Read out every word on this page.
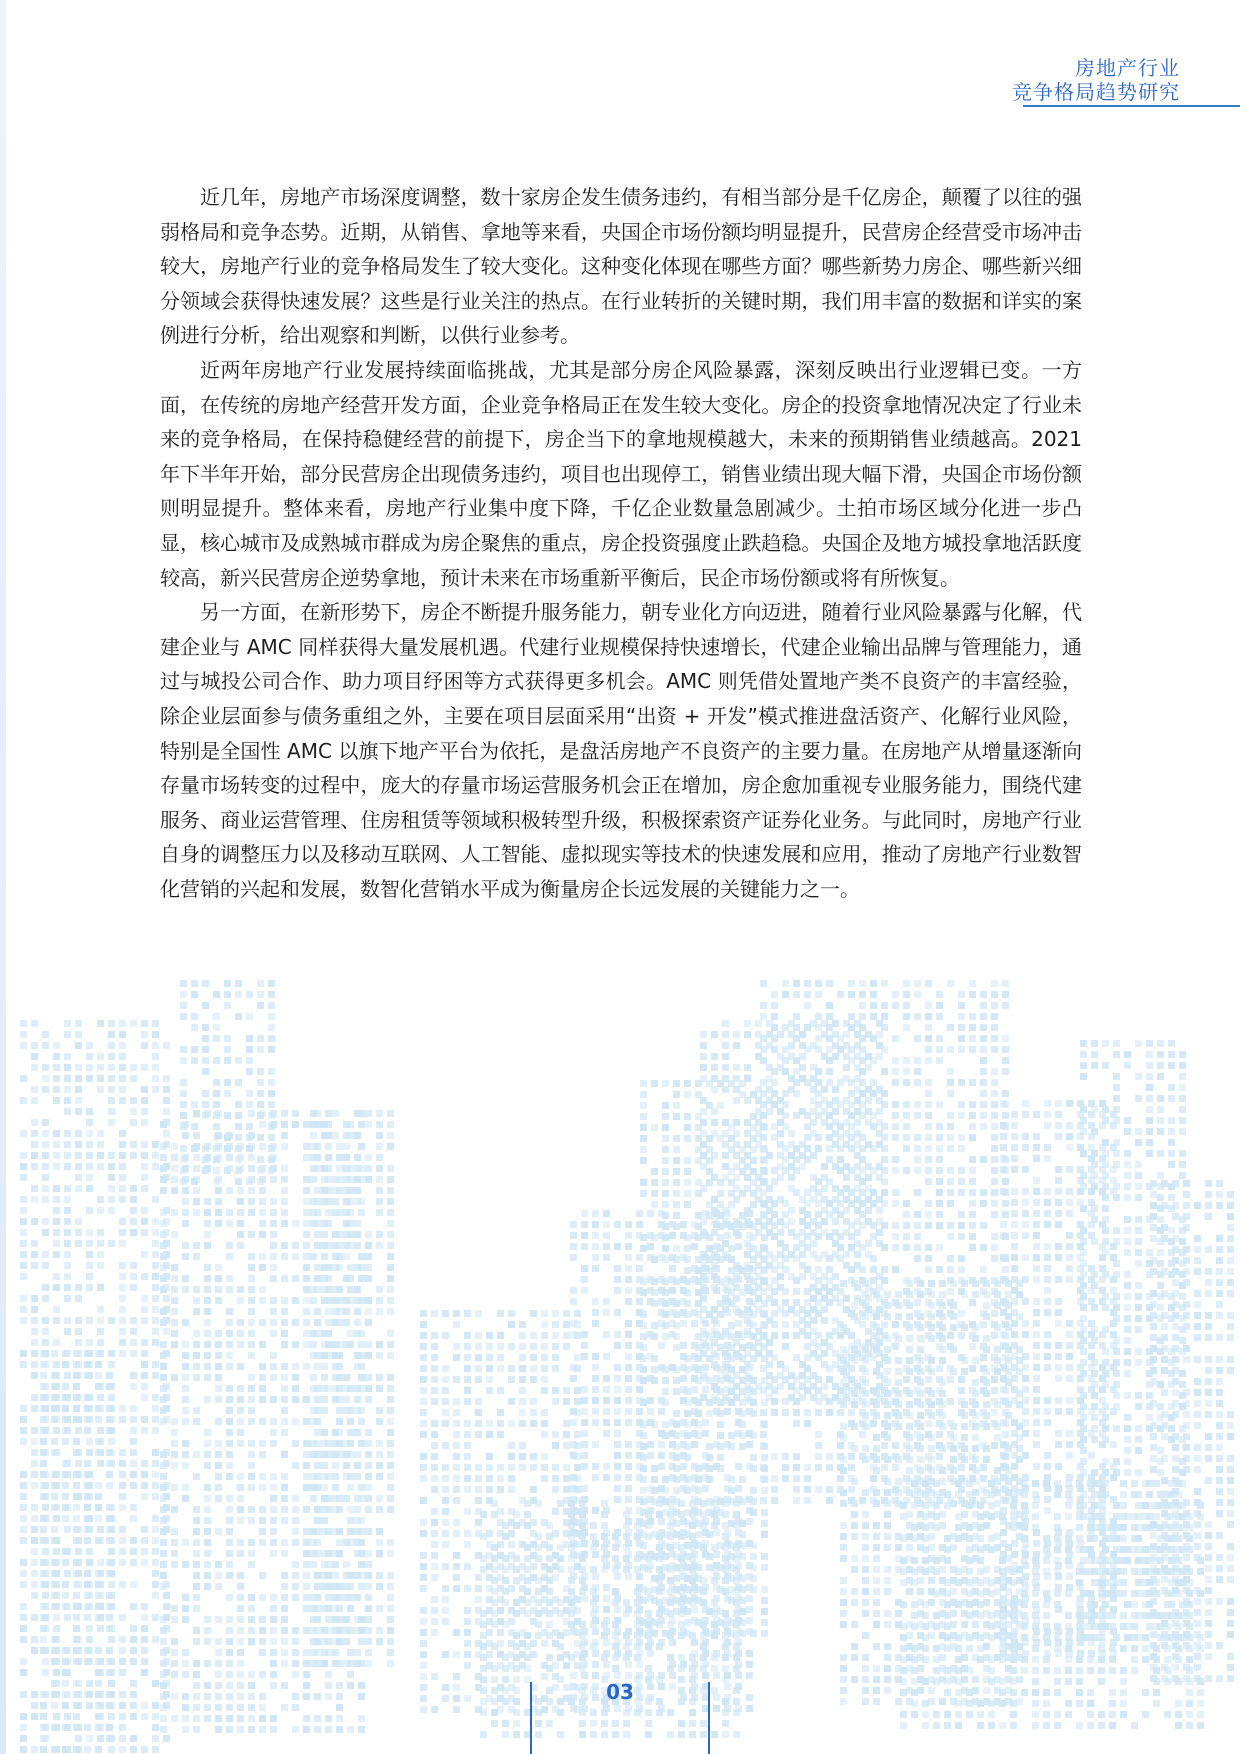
房地产行业
竞争格局趋势研究

近几年，房地产市场深度调整，数十家房企发生债务违约，有相当部分是千亿房企，颠覆了以往的强弱格局和竞争态势。近期，从销售、拿地等来看，央国企市场份额均明显提升，民营房企经营受市场冲击较大，房地产行业的竞争格局发生了较大变化。这种变化体现在哪些方面？哪些新势力房企、哪些新兴细分领域会获得快速发展？这些是行业关注的热点。在行业转折的关键时期，我们用丰富的数据和详实的案例进行分析，给出观察和判断，以供行业参考。

近两年房地产行业发展持续面临挑战，尤其是部分房企风险暴露，深刻反映出行业逻辑已变。一方面，在传统的房地产经营开发方面，企业竞争格局正在发生较大变化。房企的投资拿地情况决定了行业未来的竞争格局，在保持稳健经营的前提下，房企当下的拿地规模越大，未来的预期销售业绩越高。2021 年下半年开始，部分民营房企出现债务违约，项目也出现停工，销售业绩出现大幅下滑，央国企市场份额则明显提升。整体来看，房地产行业集中度下降，千亿企业数量急剧减少。土拍市场区域分化进一步凸显，核心城市及成熟城市群成为房企聚焦的重点，房企投资强度止跌趋稳。央国企及地方城投拿地活跃度较高，新兴民营房企逆势拿地，预计未来在市场重新平衡后，民企市场份额或将有所恢复。

另一方面，在新形势下，房企不断提升服务能力，朝专业化方向迈进，随着行业风险暴露与化解，代建企业与 AMC 同样获得大量发展机遇。代建行业规模保持快速增长，代建企业输出品牌与管理能力，通过与城投公司合作、助力项目纾困等方式获得更多机会。AMC 则凭借处置地产类不良资产的丰富经验，除企业层面参与债务重组之外，主要在项目层面采用“出资 + 开发”模式推进盘活资产、化解行业风险，特别是全国性 AMC 以旗下地产平台为依托，是盘活房地产不良资产的主要力量。在房地产从增量逐渐向存量市场转变的过程中，庞大的存量市场运营服务机会正在增加，房企愈加重视专业服务能力，围绕代建服务、商业运营管理、住房租赁等领域积极转型升级，积极探索资产证券化业务。与此同时，房地产行业自身的调整压力以及移动互联网、人工智能、虚拟现实等技术的快速发展和应用，推动了房地产行业数智化营销的兴起和发展，数智化营销水平成为衡量房企长远发展的关键能力之一。

03
